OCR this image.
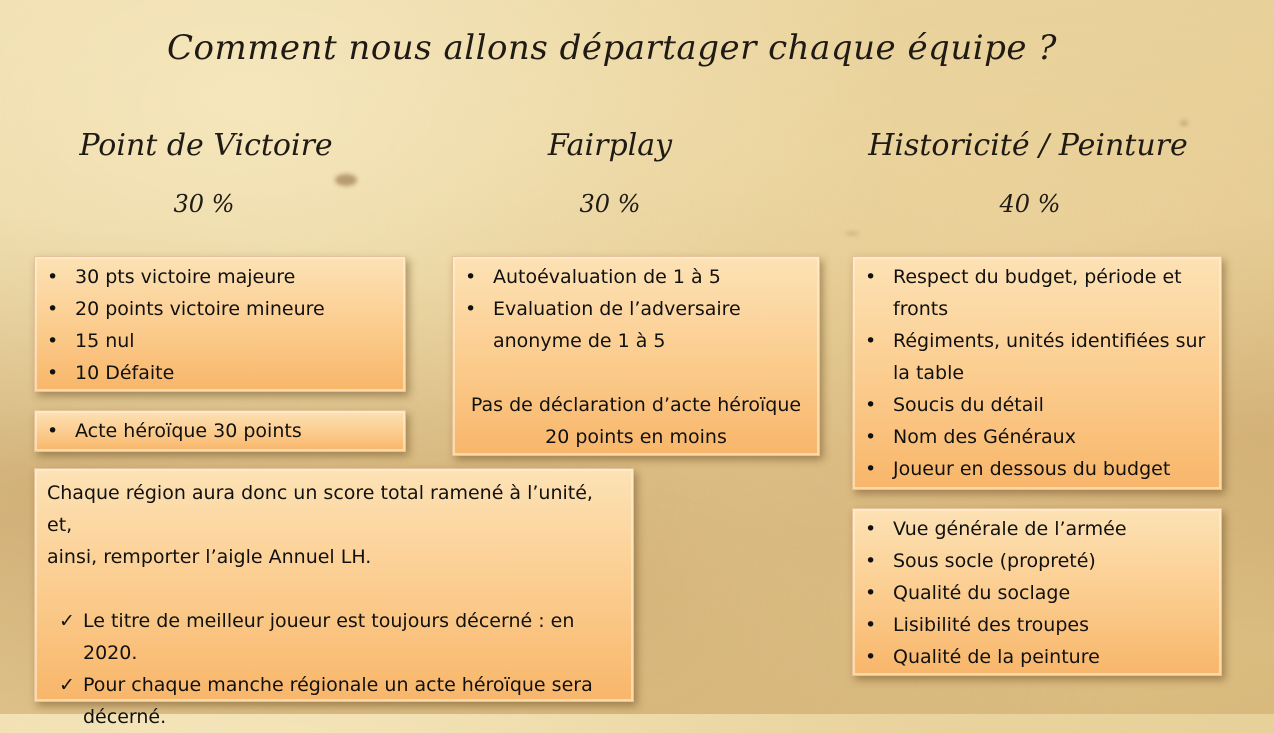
Comment nous allons départager chaque équipe ?
Point de Victoire	Fairplay	Historicité / Peinture
30 %	30 %	40 %
• 30 pts victoire majeure
• 20 points victoire mineure
• 15 nul
• 10 Défaite
• Acte héroïque 30 points
Chaque région aura donc un score total ramené à l’unité, et,
ainsi, remporter l’aigle Annuel LH.
✓ Le titre de meilleur joueur est toujours décerné : en
2020.
✓ Pour chaque manche régionale un acte héroïque sera
décerné.
• Autoévaluation de 1 à 5
• Evaluation de l’adversaire
anonyme de 1 à 5
Pas de déclaration d’acte héroïque
20 points en moins
• Respect du budget, période et
fronts
• Régiments, unités identifiées sur
la table
• Soucis du détail
• Nom des Généraux
• Joueur en dessous du budget
• Vue générale de l’armée
• Sous socle (propreté)
• Qualité du soclage
• Lisibilité des troupes
• Qualité de la peinture
